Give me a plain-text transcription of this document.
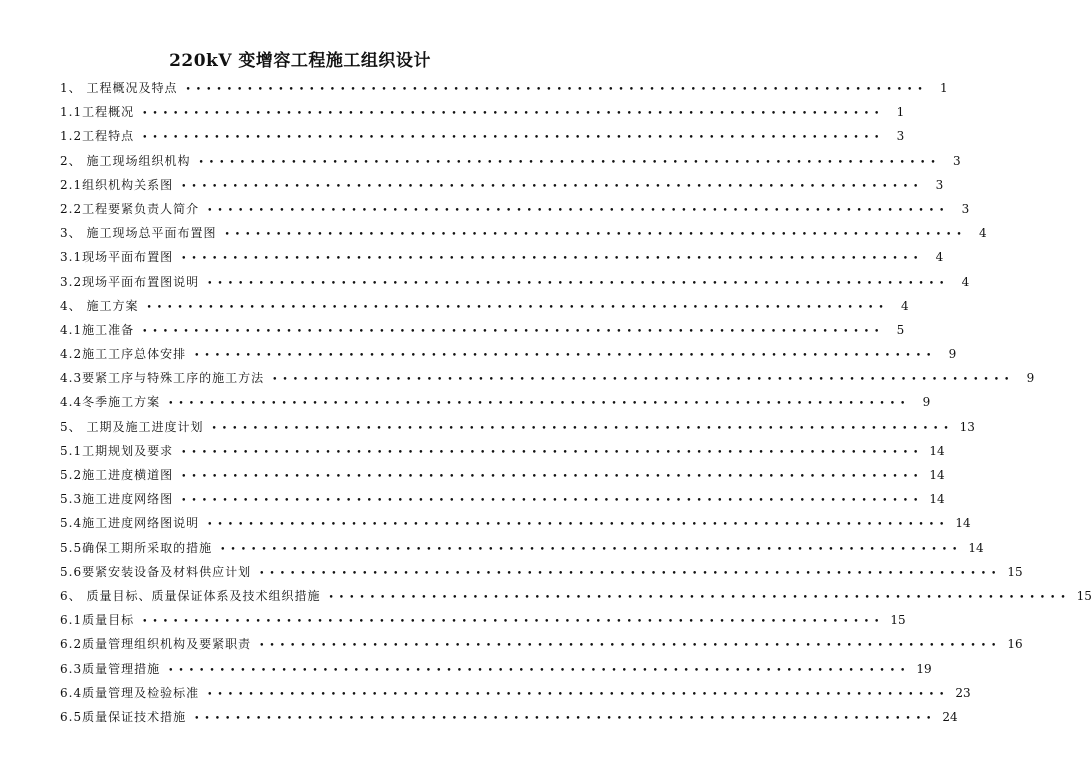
220kV 变增容工程施工组织设计
1、 工程概况及特点 ••••••••••••••••••••••••••••••••••••••••••••••••••••••••••••••••••••••••	1
1.1工程概况 ••••••••••••••••••••••••••••••••••••••••••••••••••••••••••••••••••••••••	1
1.2工程特点 ••••••••••••••••••••••••••••••••••••••••••••••••••••••••••••••••••••••••	3
2、 施工现场组织机构 ••••••••••••••••••••••••••••••••••••••••••••••••••••••••••••••••••••••••	3
2.1组织机构关系图 ••••••••••••••••••••••••••••••••••••••••••••••••••••••••••••••••••••••••	3
2.2工程要紧负责人简介 ••••••••••••••••••••••••••••••••••••••••••••••••••••••••••••••••••••••••	3
3、 施工现场总平面布置图 ••••••••••••••••••••••••••••••••••••••••••••••••••••••••••••••••••••••••	4
3.1现场平面布置图 ••••••••••••••••••••••••••••••••••••••••••••••••••••••••••••••••••••••••	4
3.2现场平面布置图说明 ••••••••••••••••••••••••••••••••••••••••••••••••••••••••••••••••••••••••	4
4、 施工方案 ••••••••••••••••••••••••••••••••••••••••••••••••••••••••••••••••••••••••	4
4.1施工准备 ••••••••••••••••••••••••••••••••••••••••••••••••••••••••••••••••••••••••	5
4.2施工工序总体安排 ••••••••••••••••••••••••••••••••••••••••••••••••••••••••••••••••••••••••	9
4.3要紧工序与特殊工序的施工方法 ••••••••••••••••••••••••••••••••••••••••••••••••••••••••••••••••••••••••	9
4.4冬季施工方案 ••••••••••••••••••••••••••••••••••••••••••••••••••••••••••••••••••••••••	9
5、 工期及施工进度计划 •••••••••••••••••••••••••••••••••••••••••••••••••••••••••••••••••••••••• 13
5.1工期规划及要求 •••••••••••••••••••••••••••••••••••••••••••••••••••••••••••••••••••••••• 14
5.2施工进度横道图 •••••••••••••••••••••••••••••••••••••••••••••••••••••••••••••••••••••••• 14
5.3施工进度网络图 •••••••••••••••••••••••••••••••••••••••••••••••••••••••••••••••••••••••• 14
5.4施工进度网络图说明 •••••••••••••••••••••••••••••••••••••••••••••••••••••••••••••••••••••••• 14
5.5确保工期所采取的措施 •••••••••••••••••••••••••••••••••••••••••••••••••••••••••••••••••••••••• 14
5.6要紧安装设备及材料供应计划 •••••••••••••••••••••••••••••••••••••••••••••••••••••••••••••••••••••••• 15
6、 质量目标、质量保证体系及技术组织措施 •••••••••••••••••••••••••••••••••••••••••••••••••••••••••••••••••••••••• 15
6.1质量目标 •••••••••••••••••••••••••••••••••••••••••••••••••••••••••••••••••••••••• 15
6.2质量管理组织机构及要紧职责 •••••••••••••••••••••••••••••••••••••••••••••••••••••••••••••••••••••••• 16
6.3质量管理措施 •••••••••••••••••••••••••••••••••••••••••••••••••••••••••••••••••••••••• 19
6.4质量管理及检验标准 •••••••••••••••••••••••••••••••••••••••••••••••••••••••••••••••••••••••• 23
6.5质量保证技术措施 •••••••••••••••••••••••••••••••••••••••••••••••••••••••••••••••••••••••• 24
